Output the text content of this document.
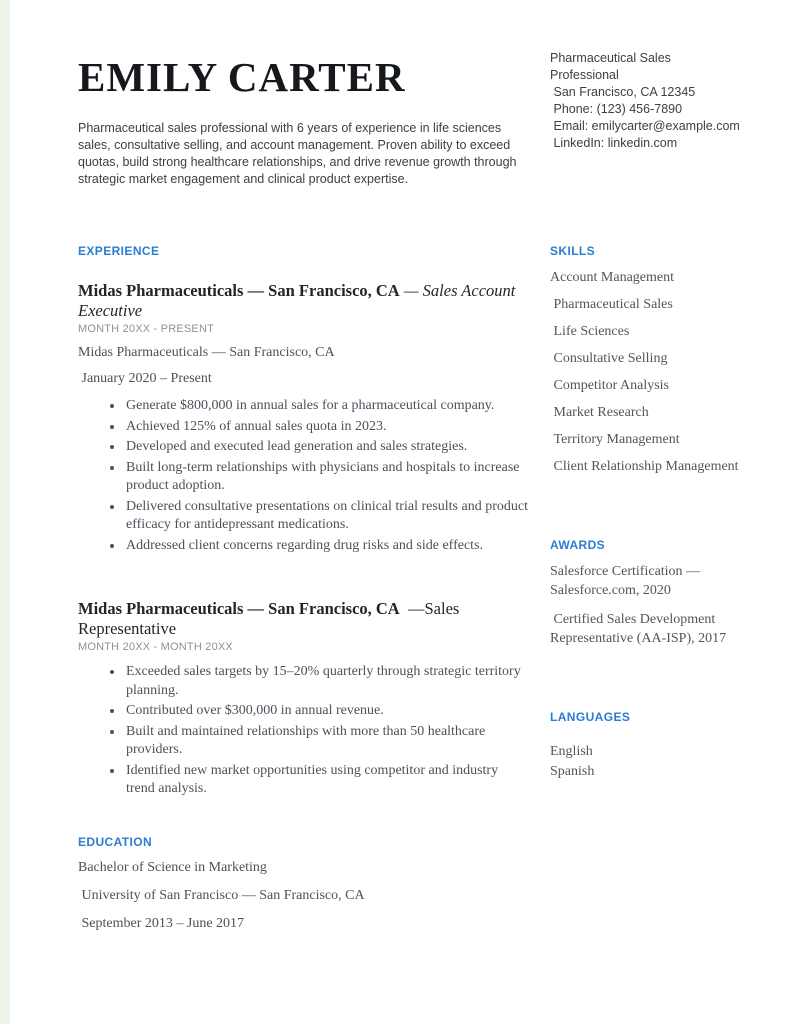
EMILY CARTER

Pharmaceutical sales professional with 6 years of experience in life sciences sales, consultative selling, and account management. Proven ability to exceed quotas, build strong healthcare relationships, and drive revenue growth through strategic market engagement and clinical product expertise.

Pharmaceutical Sales Professional
San Francisco, CA 12345
Phone: (123) 456-7890
Email: emilycarter@example.com
LinkedIn: linkedin.com
EXPERIENCE
Midas Pharmaceuticals — San Francisco, CA — Sales Account Executive
MONTH 20XX - PRESENT
Midas Pharmaceuticals — San Francisco, CA
January 2020 – Present
• Generate $800,000 in annual sales for a pharmaceutical company.
• Achieved 125% of annual sales quota in 2023.
• Developed and executed lead generation and sales strategies.
• Built long-term relationships with physicians and hospitals to increase product adoption.
• Delivered consultative presentations on clinical trial results and product efficacy for antidepressant medications.
• Addressed client concerns regarding drug risks and side effects.
Midas Pharmaceuticals — San Francisco, CA  —Sales Representative
MONTH 20XX - MONTH 20XX
• Exceeded sales targets by 15–20% quarterly through strategic territory planning.
• Contributed over $300,000 in annual revenue.
• Built and maintained relationships with more than 50 healthcare providers.
• Identified new market opportunities using competitor and industry trend analysis.
EDUCATION
Bachelor of Science in Marketing
University of San Francisco — San Francisco, CA
September 2013 – June 2017
SKILLS
Account Management
Pharmaceutical Sales
Life Sciences
Consultative Selling
Competitor Analysis
Market Research
Territory Management
Client Relationship Management
AWARDS
Salesforce Certification — Salesforce.com, 2020
Certified Sales Development Representative (AA-ISP), 2017
LANGUAGES
English
Spanish
